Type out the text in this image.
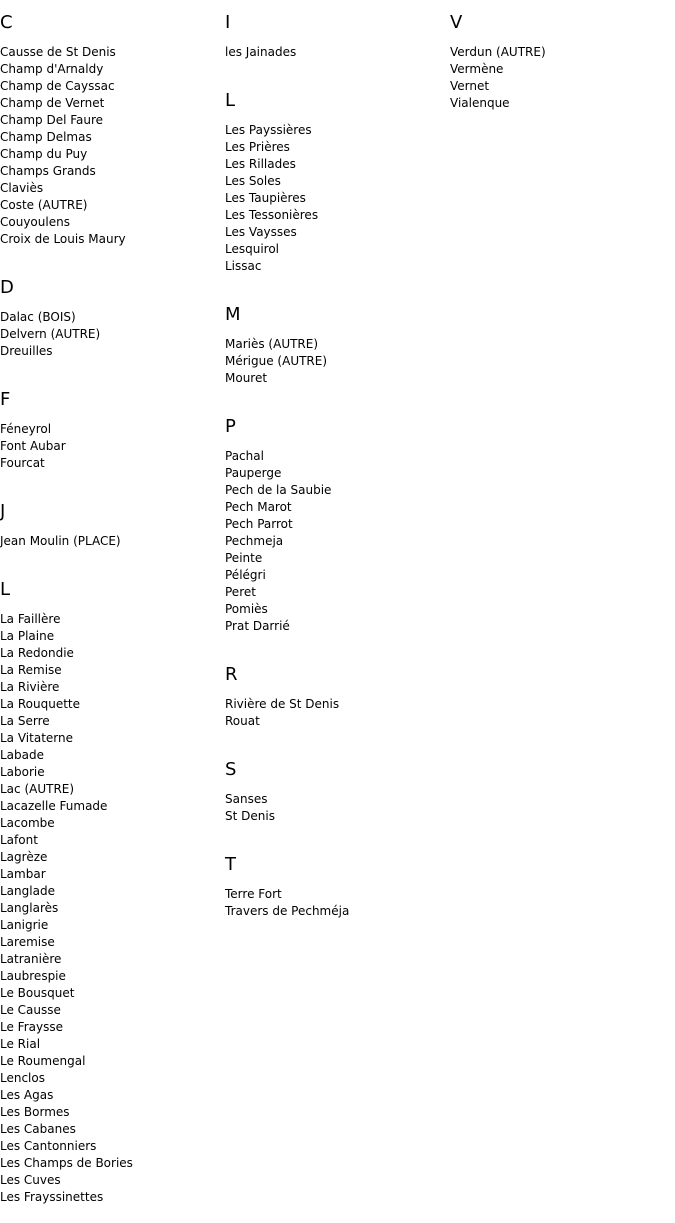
C
Causse de St Denis
Champ d'Arnaldy
Champ de Cayssac
Champ de Vernet
Champ Del Faure
Champ Delmas
Champ du Puy
Champs Grands
Claviès
Coste (AUTRE)
Couyoulens
Croix de Louis Maury
D
Dalac (BOIS)
Delvern (AUTRE)
Dreuilles
F
Féneyrol
Font Aubar
Fourcat
J
Jean Moulin (PLACE)
L
La Faillère
La Plaine
La Redondie
La Remise
La Rivière
La Rouquette
La Serre
La Vitaterne
Labade
Laborie
Lac (AUTRE)
Lacazelle Fumade
Lacombe
Lafont
Lagrèze
Lambar
Langlade
Langlarès
Lanigrie
Laremise
Latranière
Laubrespie
Le Bousquet
Le Causse
Le Fraysse
Le Rial
Le Roumengal
Lenclos
Les Agas
Les Bormes
Les Cabanes
Les Cantonniers
Les Champs de Bories
Les Cuves
Les Frayssinettes
I
les Jainades
L
Les Payssières
Les Prières
Les Rillades
Les Soles
Les Taupières
Les Tessonières
Les Vaysses
Lesquirol
Lissac
M
Mariès (AUTRE)
Mérigue (AUTRE)
Mouret
P
Pachal
Pauperge
Pech de la Saubie
Pech Marot
Pech Parrot
Pechmeja
Peinte
Pélégri
Peret
Pomiès
Prat Darrié
R
Rivière de St Denis
Rouat
S
Sanses
St Denis
T
Terre Fort
Travers de Pechméja
V
Verdun (AUTRE)
Vermène
Vernet
Vialenque
